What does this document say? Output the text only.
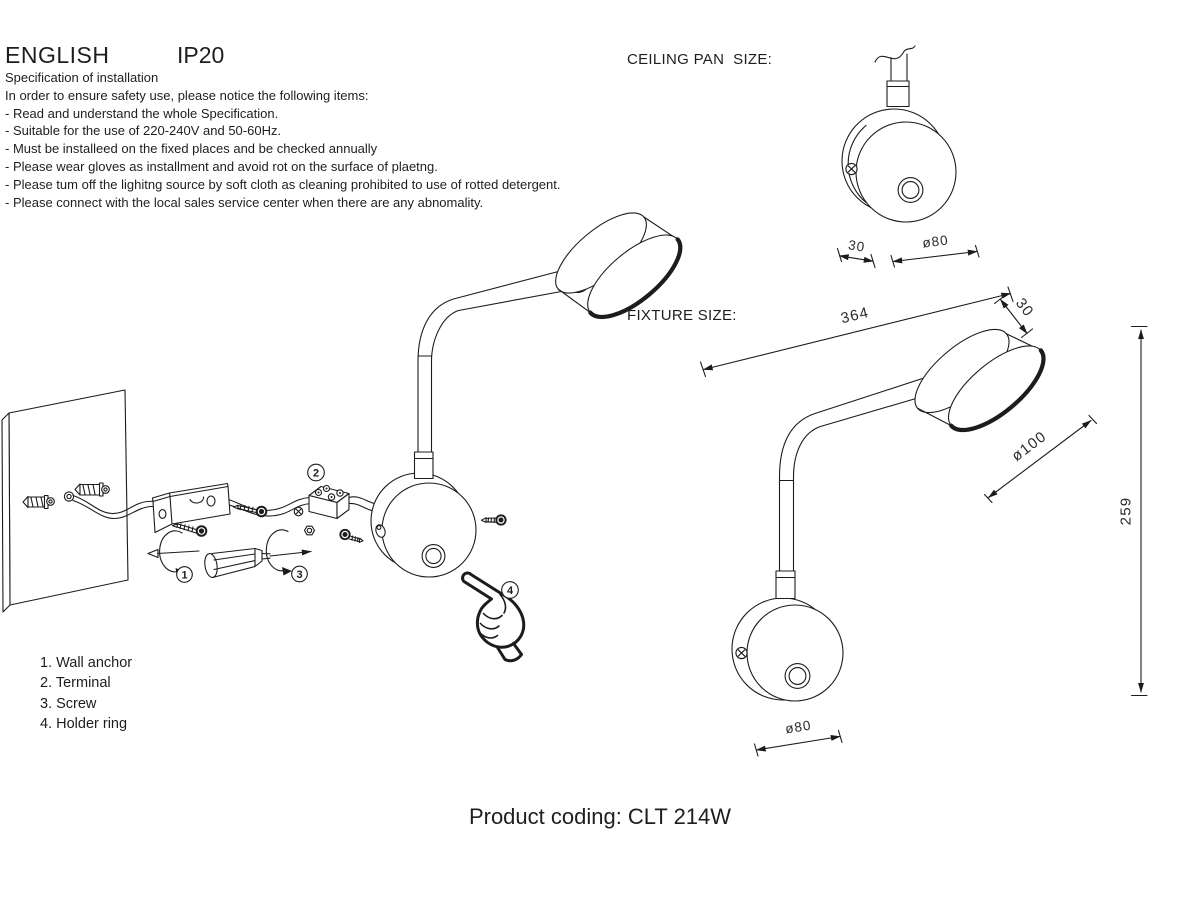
ENGLISH	IP20
Specification of installation
In order to ensure safety use, please notice the following items:
- Read and understand the whole Specification.
- Suitable for the use of 220-240V and 50-60Hz.
- Must be installeed on the fixed places and be checked annually
- Please wear gloves as installment and avoid rot on the surface of plaetng.
- Please tum off the lighitng source by soft cloth as cleaning prohibited to use of rotted detergent.
- Please connect with the local sales service center when there are any abnomality.
CEILING PAN  SIZE:
FIXTURE SIZE:
1. Wall anchor
2. Terminal
3. Screw
4. Holder ring
Product coding: CLT 214W
2
1	3
4
30	ø80
364	30
ø100
259
ø80
